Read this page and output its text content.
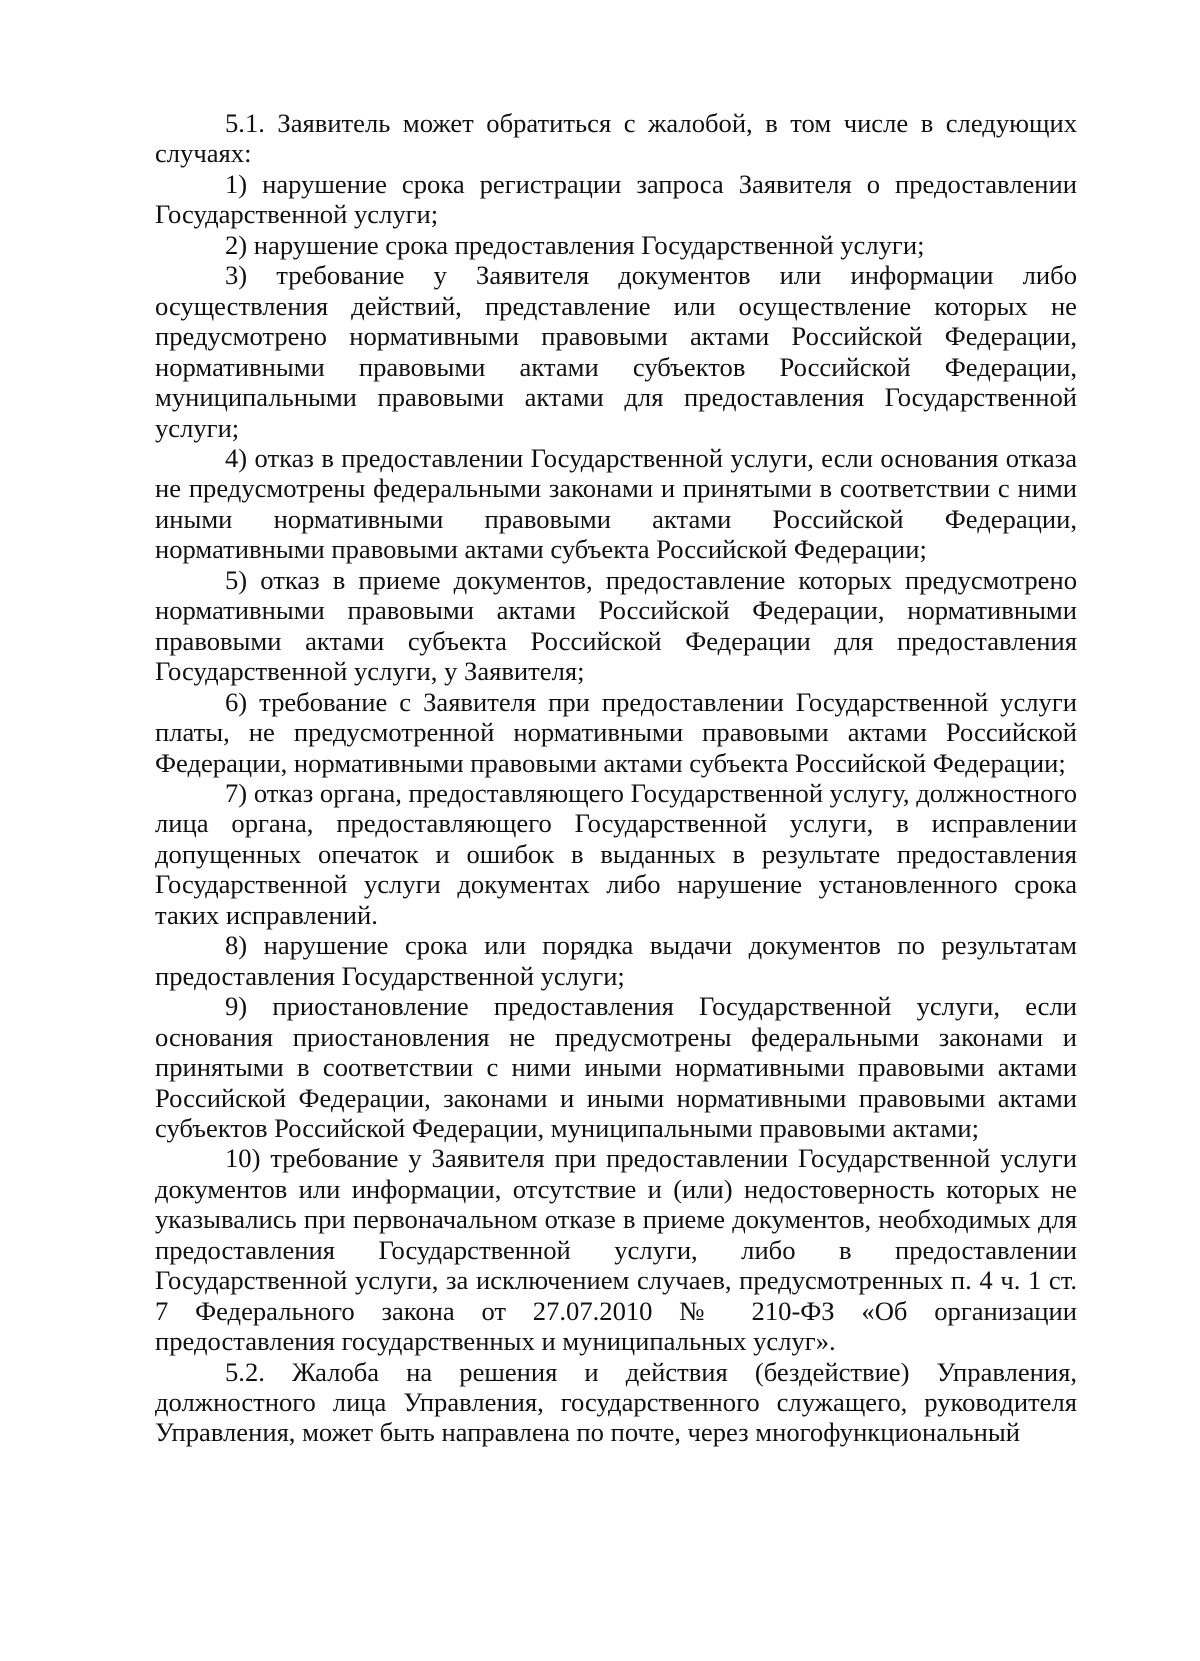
5.1. Заявитель может обратиться с жалобой, в том числе в следующих случаях:

1) нарушение срока регистрации запроса Заявителя о предоставлении Государственной услуги;

2) нарушение срока предоставления Государственной услуги;

3) требование у Заявителя документов или информации либо осуществления действий, представление или осуществление которых не предусмотрено нормативными правовыми актами Российской Федерации, нормативными правовыми актами субъектов Российской Федерации, муниципальными правовыми актами для предоставления Государственной услуги;

4) отказ в предоставлении Государственной услуги, если основания отказа не предусмотрены федеральными законами и принятыми в соответствии с ними иными нормативными правовыми актами Российской Федерации, нормативными правовыми актами субъекта Российской Федерации;

5) отказ в приеме документов, предоставление которых предусмотрено нормативными правовыми актами Российской Федерации, нормативными правовыми актами субъекта Российской Федерации для предоставления Государственной услуги, у Заявителя;

6) требование с Заявителя при предоставлении Государственной услуги платы, не предусмотренной нормативными правовыми актами Российской Федерации, нормативными правовыми актами субъекта Российской Федерации;

7) отказ органа, предоставляющего Государственной услугу, должностного лица органа, предоставляющего Государственной услуги, в исправлении допущенных опечаток и ошибок в выданных в результате предоставления Государственной услуги документах либо нарушение установленного срока таких исправлений.

8) нарушение срока или порядка выдачи документов по результатам предоставления Государственной услуги;

9) приостановление предоставления Государственной услуги, если основания приостановления не предусмотрены федеральными законами и принятыми в соответствии с ними иными нормативными правовыми актами Российской Федерации, законами и иными нормативными правовыми актами субъектов Российской Федерации, муниципальными правовыми актами;

10) требование у Заявителя при предоставлении Государственной услуги документов или информации, отсутствие и (или) недостоверность которых не указывались при первоначальном отказе в приеме документов, необходимых для предоставления Государственной услуги, либо в предоставлении Государственной услуги, за исключением случаев, предусмотренных п. 4 ч. 1 ст. 7 Федерального закона от 27.07.2010 № 210-ФЗ «Об организации предоставления государственных и муниципальных услуг».

5.2. Жалоба на решения и действия (бездействие) Управления, должностного лица Управления, государственного служащего, руководителя Управления, может быть направлена по почте, через многофункциональный
